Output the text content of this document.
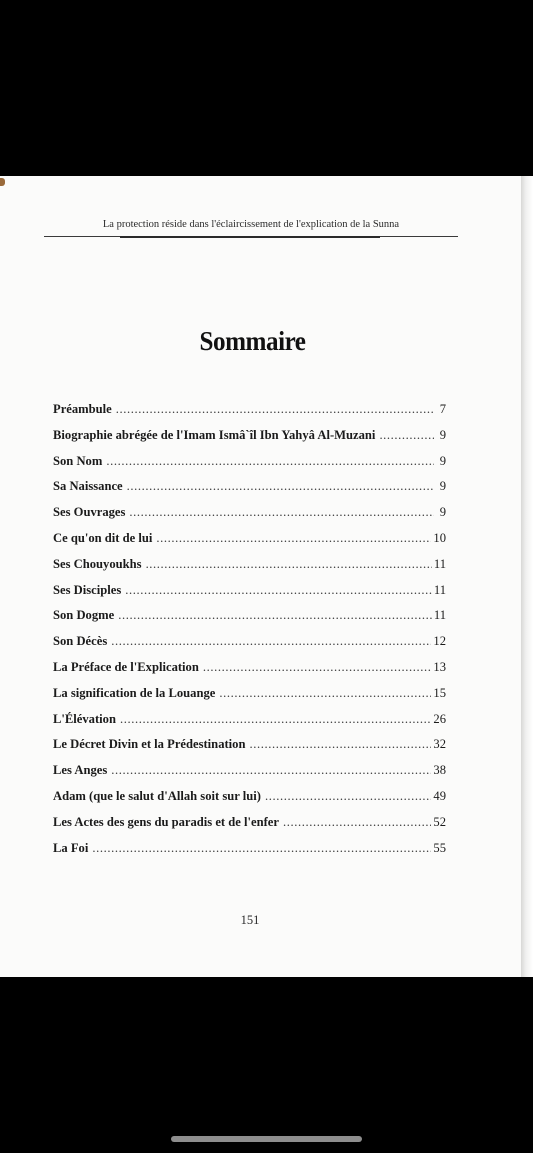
La protection réside dans l'éclaircissement de l'explication de la Sunna
Sommaire
Préambule .....	7
Biographie abrégée de l'Imam Ismâ`îl Ibn Yahyâ Al-Muzani .....	9
Son Nom .....	9
Sa Naissance .....	9
Ses Ouvrages .....	9
Ce qu'on dit de lui .....	10
Ses Chouyoukhs .....	11
Ses Disciples .....	11
Son Dogme .....	11
Son Décès .....	12
La Préface de l'Explication .....	13
La signification de la Louange .....	15
L'Élévation .....	26
Le Décret Divin et la Prédestination .....	32
Les Anges .....	38
Adam (que le salut d'Allah soit sur lui) .....	49
Les Actes des gens du paradis et de l'enfer .....	52
La Foi .....	55
151
